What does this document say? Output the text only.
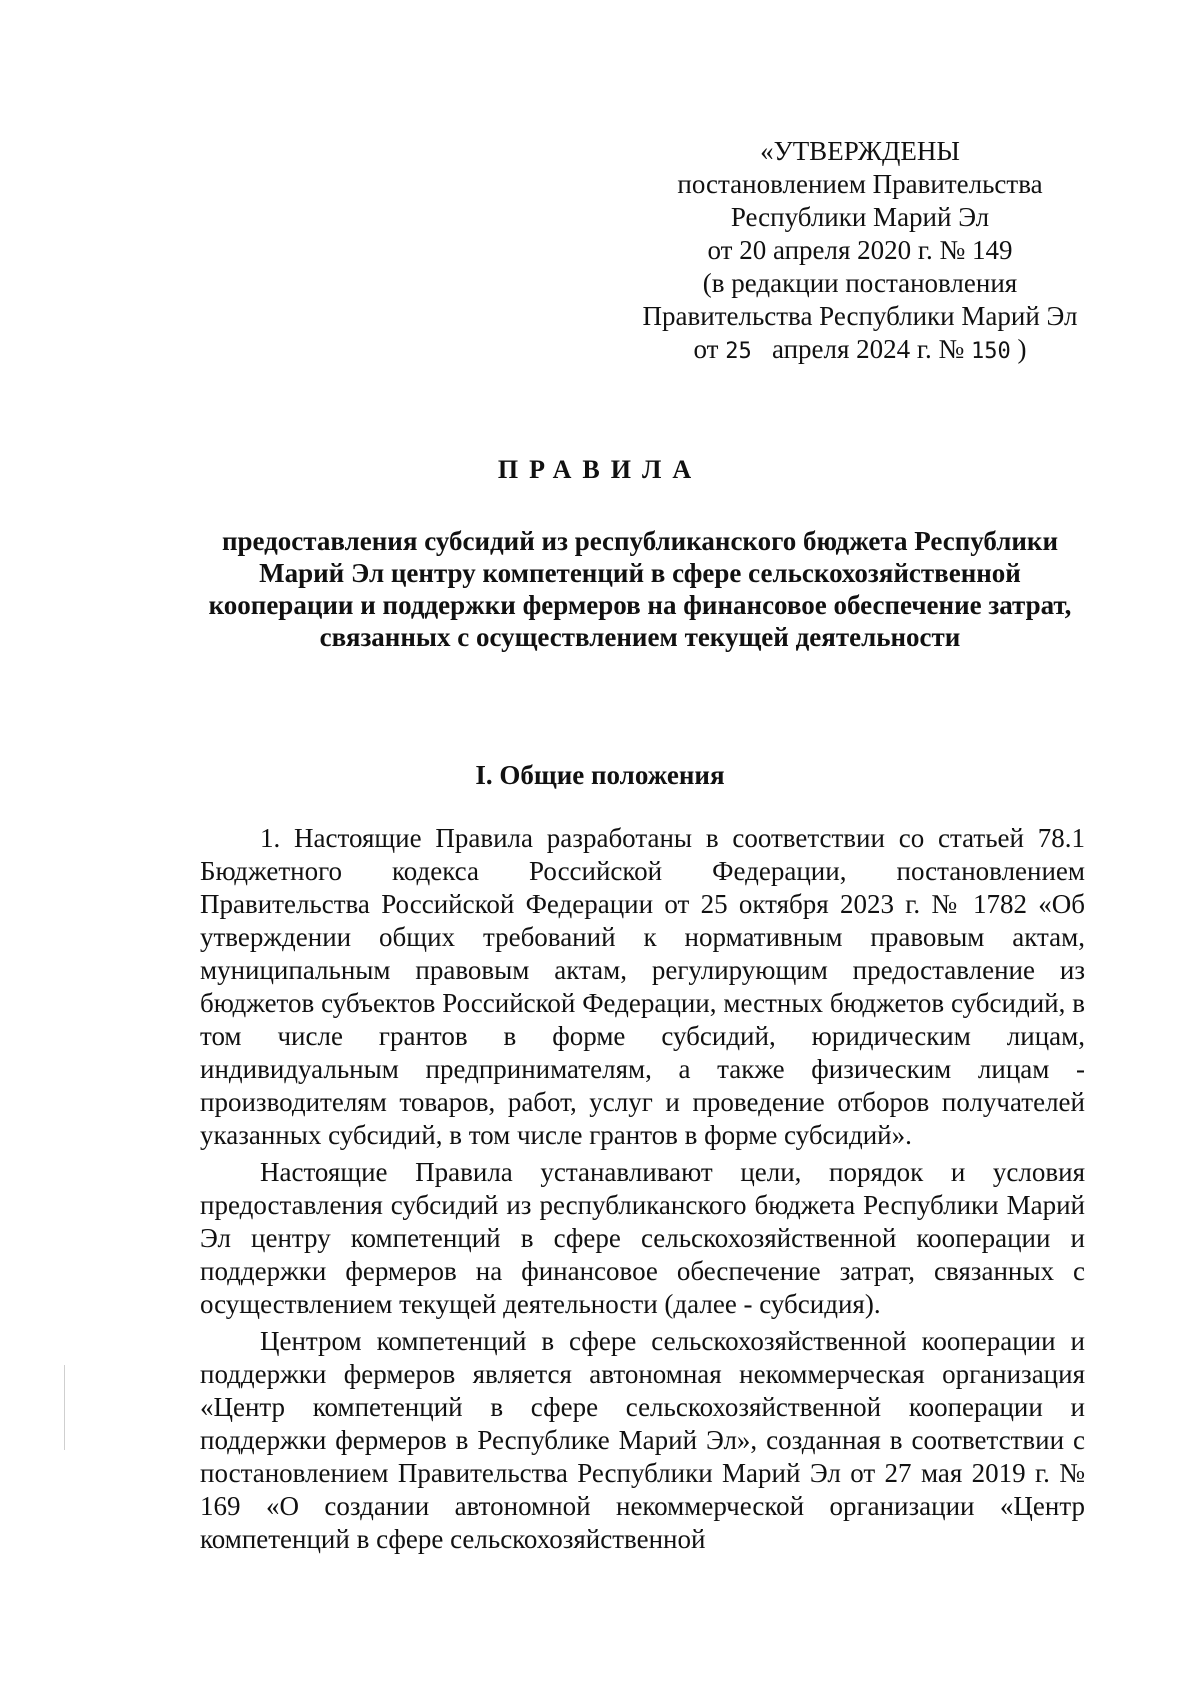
«УТВЕРЖДЕНЫ
постановлением Правительства
Республики Марий Эл
от 20 апреля 2020 г. № 149
(в редакции постановления
Правительства Республики Марий Эл
от 25 апреля 2024 г. № 150 )
ПРАВИЛА
предоставления субсидий из республиканского бюджета Республики Марий Эл центру компетенций в сфере сельскохозяйственной кооперации и поддержки фермеров на финансовое обеспечение затрат, связанных с осуществлением текущей деятельности
I. Общие положения

1. Настоящие Правила разработаны в соответствии со статьей 78.1 Бюджетного кодекса Российской Федерации, постановлением Правительства Российской Федерации от 25 октября 2023 г. № 1782 «Об утверждении общих требований к нормативным правовым актам, муниципальным правовым актам, регулирующим предоставление из бюджетов субъектов Российской Федерации, местных бюджетов субсидий, в том числе грантов в форме субсидий, юридическим лицам, индивидуальным предпринимателям, а также физическим лицам - производителям товаров, работ, услуг и проведение отборов получателей указанных субсидий, в том числе грантов в форме субсидий».

Настоящие Правила устанавливают цели, порядок и условия предоставления субсидий из республиканского бюджета Республики Марий Эл центру компетенций в сфере сельскохозяйственной кооперации и поддержки фермеров на финансовое обеспечение затрат, связанных с осуществлением текущей деятельности (далее - субсидия).

Центром компетенций в сфере сельскохозяйственной кооперации и поддержки фермеров является автономная некоммерческая организация «Центр компетенций в сфере сельскохозяйственной кооперации и поддержки фермеров в Республике Марий Эл», созданная в соответствии с постановлением Правительства Республики Марий Эл от 27 мая 2019 г. № 169 «О создании автономной некоммерческой организации «Центр компетенций в сфере сельскохозяйственной
